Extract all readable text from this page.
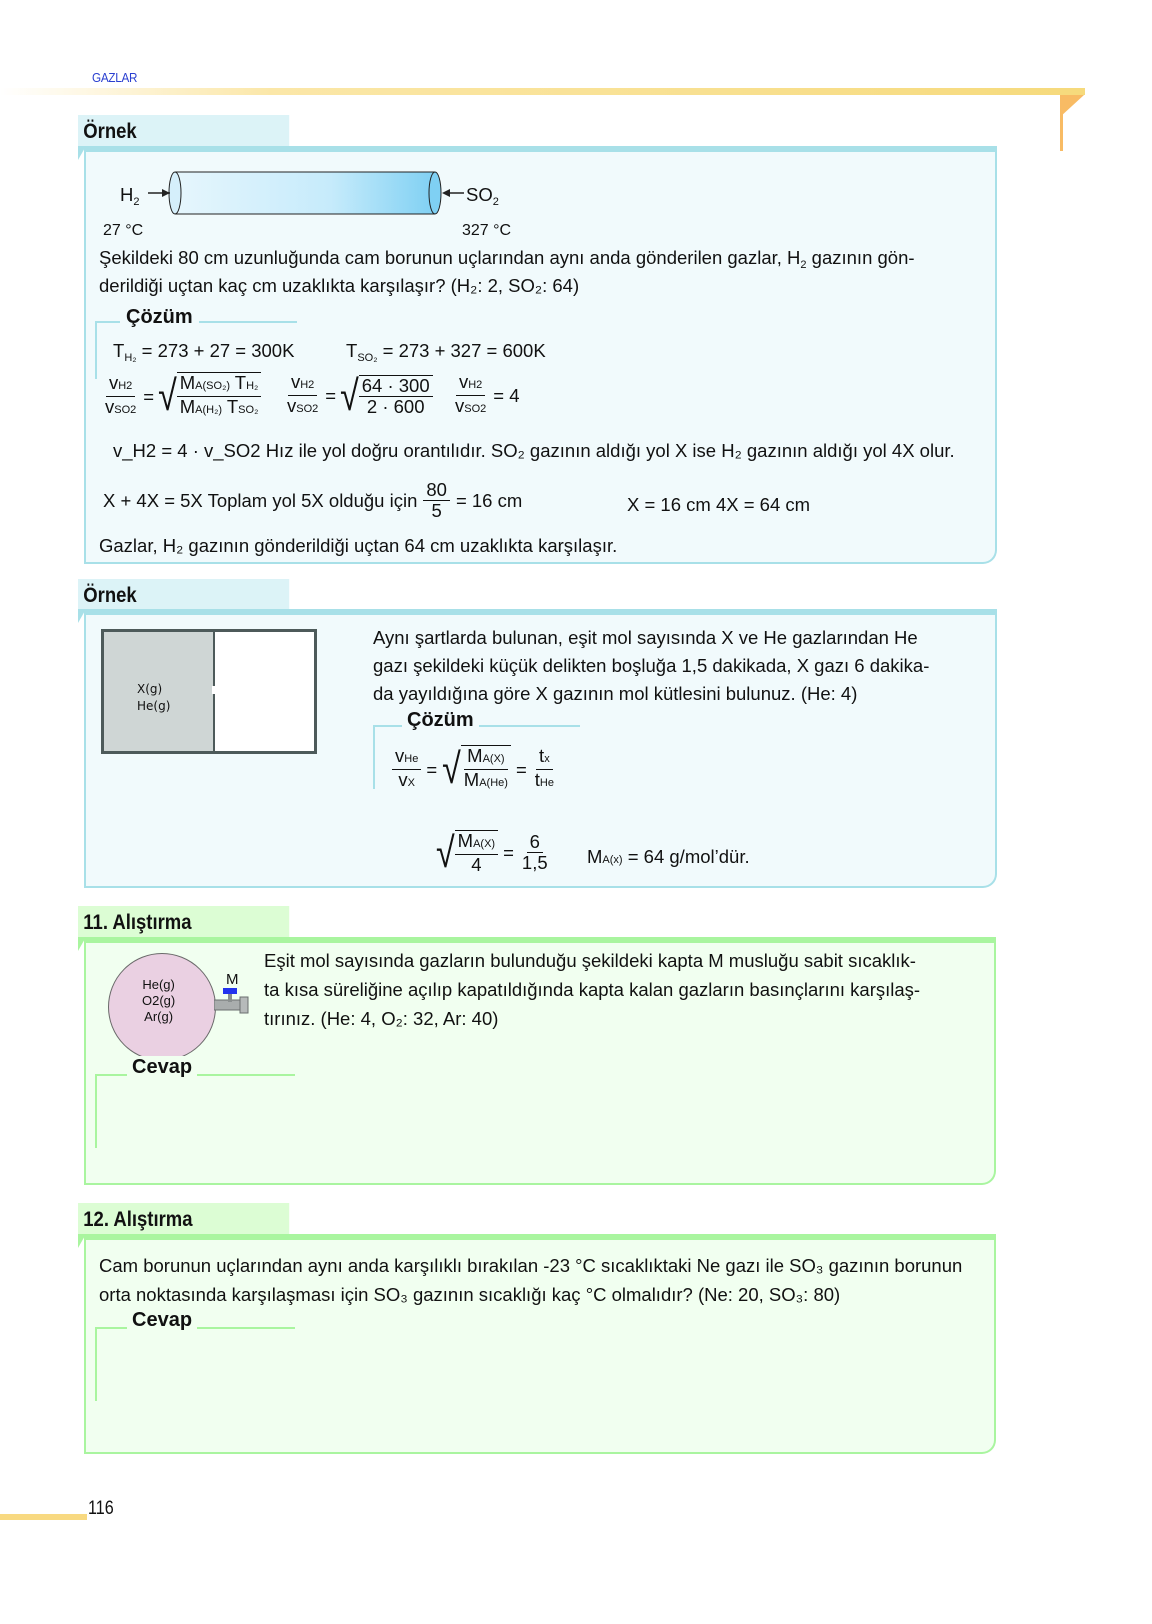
GAZLAR
Örnek
$H_2$	$SO_2$
27 °C	327 °C
Şekildeki 80 cm uzunluğunda cam borunun uçlarından aynı anda gönderilen gazlar, $H_2$ gazının gön-
derildiği uçtan kaç cm uzaklıkta karşılaşır? (H₂: 2, SO₂: 64)
Çözüm
$T_{H_2} = 273 + 27 = 300K$	$T_{SO_2} = 273 + 327 = 600K$
$\frac{vH2}{\text{vSO2}}$ = √ $\frac{\text{MA(SO₂) TH₂}}{\text{MA(H₂) TSO₂}} \frac{vH2}{\text{vSO2}}$ = √ $\frac{64 \cdot 300}{2 \cdot 600} \frac{vH2}{\text{vSO2}} = 4$
v_H2 = 4 · v_SO2 Hız ile yol doğru orantılıdır. SO₂ gazının aldığı yol X ise H₂ gazının aldığı yol 4X olur.
X + 4X = 5X Toplam yol 5X olduğu için $\frac{80}{5} = 16$ cm	X = 16 cm 4X = 64 cm
Gazlar, H₂ gazının gönderildiği uçtan 64 cm uzaklıkta karşılaşır.
Örnek
X(g)
He(g)
Aynı şartlarda bulunan, eşit mol sayısında X ve He gazlarından He
gazı şekildeki küçük delikten boşluğa 1,5 dakikada, X gazı 6 dakika-
da yayıldığına göre X gazının mol kütlesini bulunuz. (He: 4)
Çözüm
$\frac{\text{vHe}}{vX}$ = √ $\frac{MA(X)}{MA(He)} = \frac{tx}{\text{tHe}}$
√ $\frac{MA(X)}{4} = \frac{6}{1,5} MA(x) = 64$ g/mol’dür.
11. Alıştırma
He(g)
O2(g)
Ar(g)
M
Eşit mol sayısında gazların bulunduğu şekildeki kapta M musluğu sabit sıcaklık-
ta kısa süreliğine açılıp kapatıldığında kapta kalan gazların basınçlarını karşılaş-
tırınız. (He: 4, O₂: 32, Ar: 40)
Cevap
12. Alıştırma
Cam borunun uçlarından aynı anda karşılıklı bırakılan -23 °C sıcaklıktaki Ne gazı ile SO₃ gazının borunun
orta noktasında karşılaşması için SO₃ gazının sıcaklığı kaç °C olmalıdır? (Ne: 20, SO₃: 80)
Cevap
116
